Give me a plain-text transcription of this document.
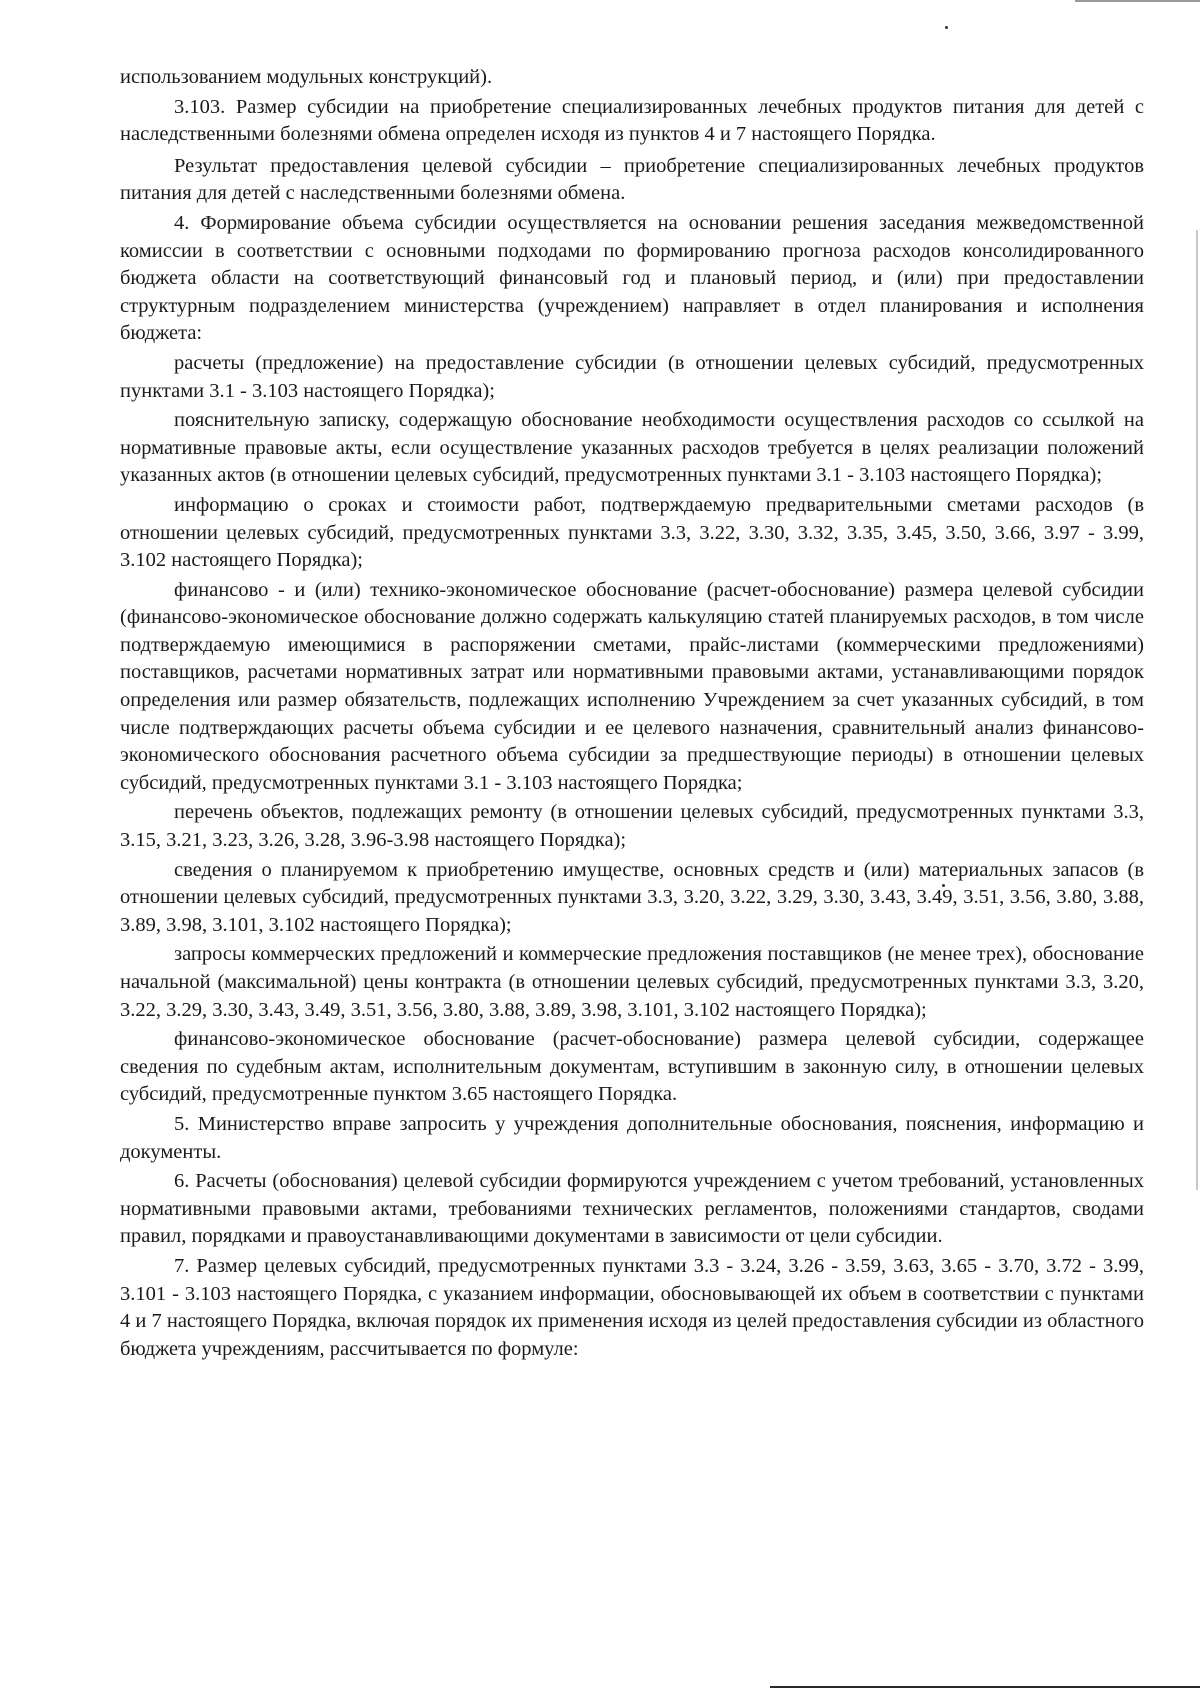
использованием модульных конструкций).

3.103. Размер субсидии на приобретение специализированных лечебных продуктов питания для детей с наследственными болезнями обмена определен исходя из пунктов 4 и 7 настоящего Порядка.

Результат предоставления целевой субсидии – приобретение специализированных лечебных продуктов питания для детей с наследственными болезнями обмена.

4. Формирование объема субсидии осуществляется на основании решения заседания межведомственной комиссии в соответствии с основными подходами по формированию прогноза расходов консолидированного бюджета области на соответствующий финансовый год и плановый период, и (или) при предоставлении структурным подразделением министерства (учреждением) направляет в отдел планирования и исполнения бюджета:

расчеты (предложение) на предоставление субсидии (в отношении целевых субсидий, предусмотренных пунктами 3.1 - 3.103 настоящего Порядка);

пояснительную записку, содержащую обоснование необходимости осуществления расходов со ссылкой на нормативные правовые акты, если осуществление указанных расходов требуется в целях реализации положений указанных актов (в отношении целевых субсидий, предусмотренных пунктами 3.1 - 3.103 настоящего Порядка);

информацию о сроках и стоимости работ, подтверждаемую предварительными сметами расходов (в отношении целевых субсидий, предусмотренных пунктами 3.3, 3.22, 3.30, 3.32, 3.35, 3.45, 3.50, 3.66, 3.97 - 3.99, 3.102 настоящего Порядка);

финансово - и (или) технико-экономическое обоснование (расчет-обоснование) размера целевой субсидии (финансово-экономическое обоснование должно содержать калькуляцию статей планируемых расходов, в том числе подтверждаемую имеющимися в распоряжении сметами, прайс-листами (коммерческими предложениями) поставщиков, расчетами нормативных затрат или нормативными правовыми актами, устанавливающими порядок определения или размер обязательств, подлежащих исполнению Учреждением за счет указанных субсидий, в том числе подтверждающих расчеты объема субсидии и ее целевого назначения, сравнительный анализ финансово-экономического обоснования расчетного объема субсидии за предшествующие периоды) в отношении целевых субсидий, предусмотренных пунктами 3.1 - 3.103 настоящего Порядка;

перечень объектов, подлежащих ремонту (в отношении целевых субсидий, предусмотренных пунктами 3.3, 3.15, 3.21, 3.23, 3.26, 3.28, 3.96-3.98 настоящего Порядка);

сведения о планируемом к приобретению имуществе, основных средств и (или) материальных запасов (в отношении целевых субсидий, предусмотренных пунктами 3.3, 3.20, 3.22, 3.29, 3.30, 3.43, 3.49, 3.51, 3.56, 3.80, 3.88, 3.89, 3.98, 3.101, 3.102 настоящего Порядка);

запросы коммерческих предложений и коммерческие предложения поставщиков (не менее трех), обоснование начальной (максимальной) цены контракта (в отношении целевых субсидий, предусмотренных пунктами 3.3, 3.20, 3.22, 3.29, 3.30, 3.43, 3.49, 3.51, 3.56, 3.80, 3.88, 3.89, 3.98, 3.101, 3.102 настоящего Порядка);

финансово-экономическое обоснование (расчет-обоснование) размера целевой субсидии, содержащее сведения по судебным актам, исполнительным документам, вступившим в законную силу, в отношении целевых субсидий, предусмотренные пунктом 3.65 настоящего Порядка.

5. Министерство вправе запросить у учреждения дополнительные обоснования, пояснения, информацию и документы.

6. Расчеты (обоснования) целевой субсидии формируются учреждением с учетом требований, установленных нормативными правовыми актами, требованиями технических регламентов, положениями стандартов, сводами правил, порядками и правоустанавливающими документами в зависимости от цели субсидии.

7. Размер целевых субсидий, предусмотренных пунктами 3.3 - 3.24, 3.26 - 3.59, 3.63, 3.65 - 3.70, 3.72 - 3.99, 3.101 - 3.103 настоящего Порядка, с указанием информации, обосновывающей их объем в соответствии с пунктами 4 и 7 настоящего Порядка, включая порядок их применения исходя из целей предоставления субсидии из областного бюджета учреждениям, рассчитывается по формуле:
